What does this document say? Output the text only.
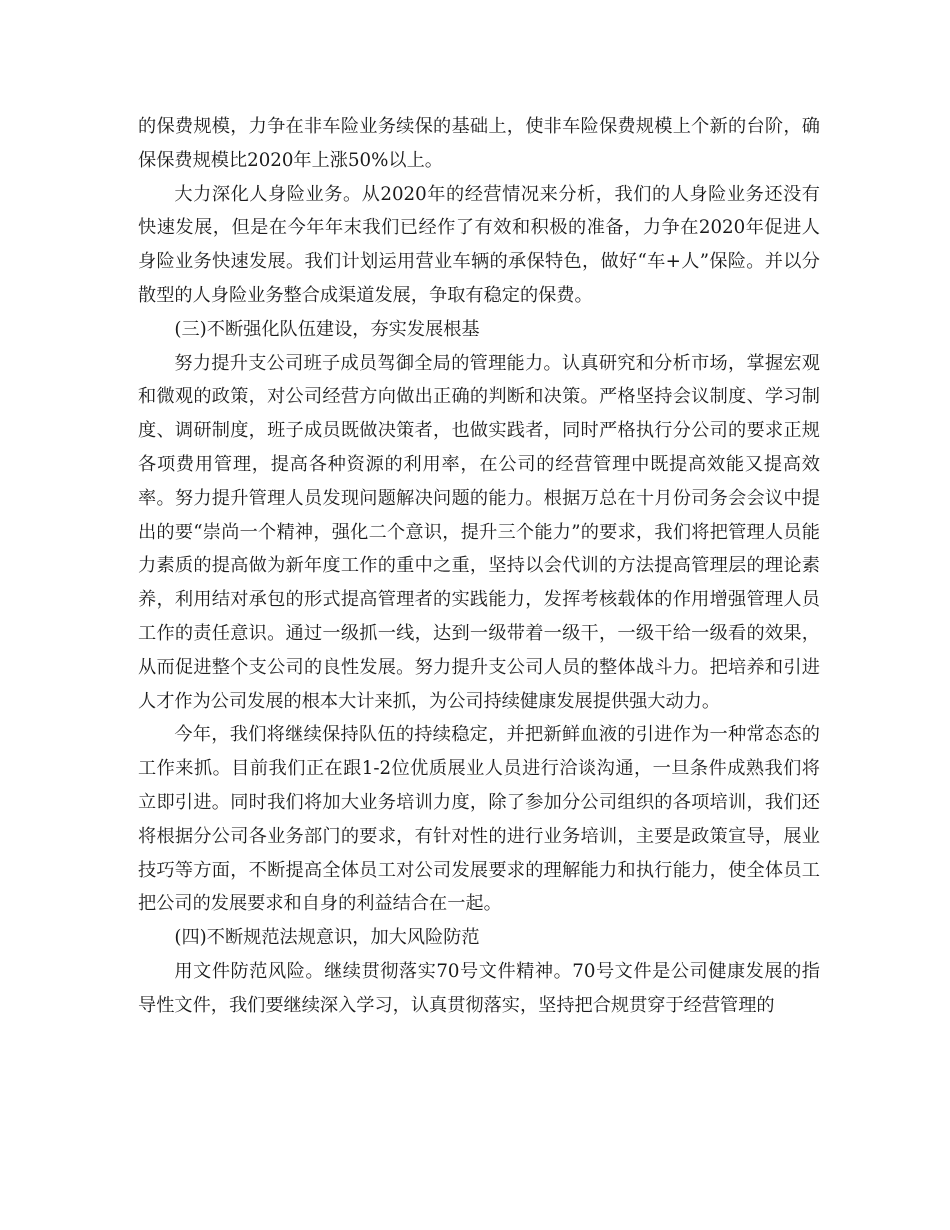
的保费规模，力争在非车险业务续保的基础上，使非车险保费规模上个新的台阶，确保保费规模比2020年上涨50%以上。

大力深化人身险业务。从2020年的经营情况来分析，我们的人身险业务还没有快速发展，但是在今年年末我们已经作了有效和积极的准备，力争在2020年促进人身险业务快速发展。我们计划运用营业车辆的承保特色，做好“车+人”保险。并以分散型的人身险业务整合成渠道发展，争取有稳定的保费。

(三)不断强化队伍建设，夯实发展根基

努力提升支公司班子成员驾御全局的管理能力。认真研究和分析市场，掌握宏观和微观的政策，对公司经营方向做出正确的判断和决策。严格坚持会议制度、学习制度、调研制度，班子成员既做决策者，也做实践者，同时严格执行分公司的要求正规各项费用管理，提高各种资源的利用率，在公司的经营管理中既提高效能又提高效率。努力提升管理人员发现问题解决问题的能力。根据万总在十月份司务会会议中提出的要“崇尚一个精神，强化二个意识，提升三个能力”的要求，我们将把管理人员能力素质的提高做为新年度工作的重中之重，坚持以会代训的方法提高管理层的理论素养，利用结对承包的形式提高管理者的实践能力，发挥考核载体的作用增强管理人员工作的责任意识。通过一级抓一线，达到一级带着一级干，一级干给一级看的效果，从而促进整个支公司的良性发展。努力提升支公司人员的整体战斗力。把培养和引进人才作为公司发展的根本大计来抓，为公司持续健康发展提供强大动力。

今年，我们将继续保持队伍的持续稳定，并把新鲜血液的引进作为一种常态态的工作来抓。目前我们正在跟1-2位优质展业人员进行洽谈沟通，一旦条件成熟我们将立即引进。同时我们将加大业务培训力度，除了参加分公司组织的各项培训，我们还将根据分公司各业务部门的要求，有针对性的进行业务培训，主要是政策宣导，展业技巧等方面，不断提高全体员工对公司发展要求的理解能力和执行能力，使全体员工把公司的发展要求和自身的利益结合在一起。

(四)不断规范法规意识，加大风险防范

用文件防范风险。继续贯彻落实70号文件精神。70号文件是公司健康发展的指导性文件，我们要继续深入学习，认真贯彻落实，坚持把合规贯穿于经营管理的
